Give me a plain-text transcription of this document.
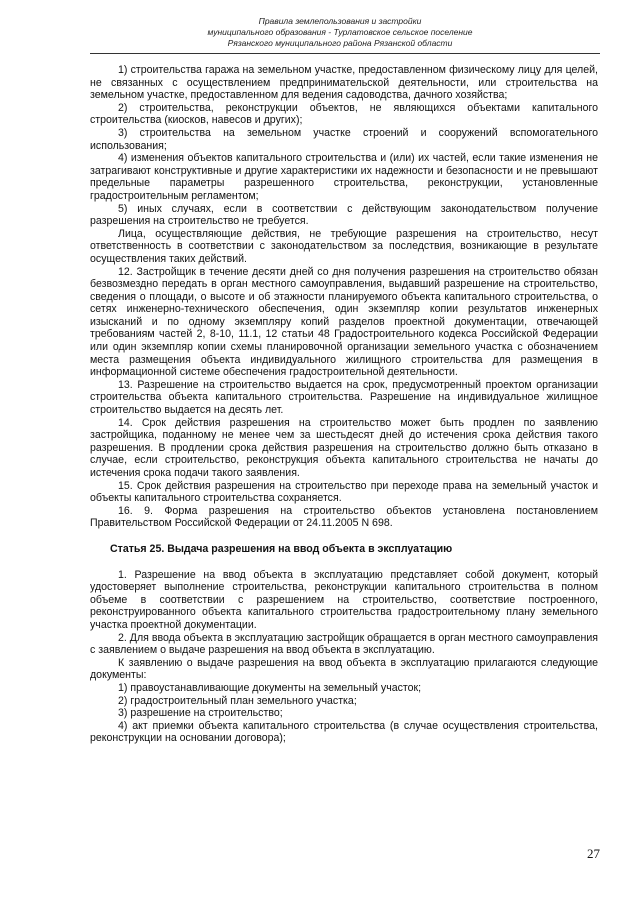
Правила землепользования и застройки
муниципального образования - Турлатовское сельское поселение
Рязанского муниципального района Рязанской области

1) строительства гаража на земельном участке, предоставленном физическому лицу для целей, не связанных с осуществлением предпринимательской деятельности, или строительства на земельном участке, предоставленном для ведения садоводства, дачного хозяйства;

2) строительства, реконструкции объектов, не являющихся объектами капитального строительства (киосков, навесов и других);

3) строительства на земельном участке строений и сооружений вспомогательного использования;

4) изменения объектов капитального строительства и (или) их частей, если такие изменения не затрагивают конструктивные и другие характеристики их надежности и безопасности и не превышают предельные параметры разрешенного строительства, реконструкции, установленные градостроительным регламентом;

5) иных случаях, если в соответствии с действующим законодательством получение разрешения на строительство не требуется.

Лица, осуществляющие действия, не требующие разрешения на строительство, несут ответственность в соответствии с законодательством за последствия, возникающие в результате осуществления таких действий.

12. Застройщик в течение десяти дней со дня получения разрешения на строительство обязан безвозмездно передать в орган местного самоуправления, выдавший разрешение на строительство, сведения о площади, о высоте и об этажности планируемого объекта капитального строительства, о сетях инженерно-технического обеспечения, один экземпляр копии результатов инженерных изысканий и по одному экземпляру копий разделов проектной документации, отвечающей требованиям частей 2, 8-10, 11.1, 12 статьи 48 Градостроительного кодекса Российской Федерации или один экземпляр копии схемы планировочной организации земельного участка с обозначением места размещения объекта индивидуального жилищного строительства для размещения в информационной системе обеспечения градостроительной деятельности.

13. Разрешение на строительство выдается на срок, предусмотренный проектом организации строительства объекта капитального строительства. Разрешение на индивидуальное жилищное строительство выдается на десять лет.

14. Срок действия разрешения на строительство может быть продлен по заявлению застройщика, поданному не менее чем за шестьдесят дней до истечения срока действия такого разрешения. В продлении срока действия разрешения на строительство должно быть отказано в случае, если строительство, реконструкция объекта капитального строительства не начаты до истечения срока подачи такого заявления.

15. Срок действия разрешения на строительство при переходе права на земельный участок и объекты капитального строительства сохраняется.

16. 9. Форма разрешения на строительство объектов установлена постановлением Правительством Российской Федерации от 24.11.2005 N 698.

Статья 25. Выдача разрешения на ввод объекта в эксплуатацию

1. Разрешение на ввод объекта в эксплуатацию представляет собой документ, который удостоверяет выполнение строительства, реконструкции капитального строительства в полном объеме в соответствии с разрешением на строительство, соответствие построенного, реконструированного объекта капитального строительства градостроительному плану земельного участка проектной документации.

2. Для ввода объекта в эксплуатацию застройщик обращается в орган местного самоуправления с заявлением о выдаче разрешения на ввод объекта в эксплуатацию.

К заявлению о выдаче разрешения на ввод объекта в эксплуатацию прилагаются следующие документы:

1) правоустанавливающие документы на земельный участок;

2) градостроительный план земельного участка;

3) разрешение на строительство;

4) акт приемки объекта капитального строительства (в случае осуществления строительства, реконструкции на основании договора);

27
